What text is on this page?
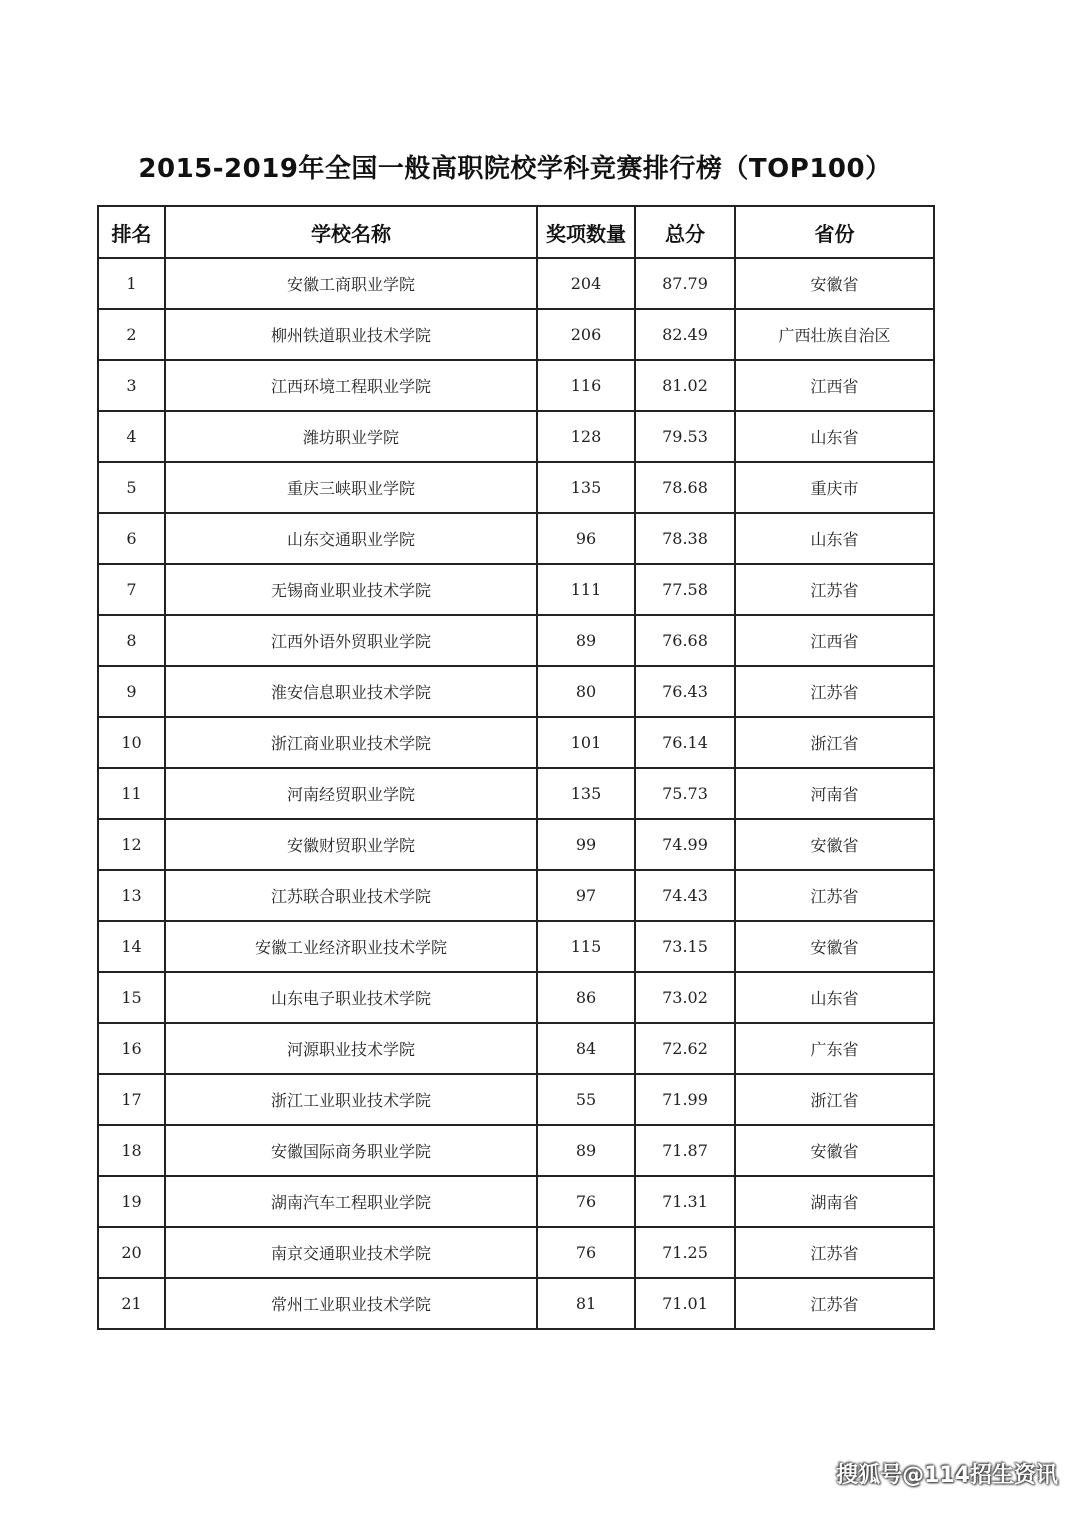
2015-2019年全国一般高职院校学科竞赛排行榜（TOP100）
排名	学校名称	奖项数量	总分	省份
1	安徽工商职业学院	204	87.79	安徽省
2	柳州铁道职业技术学院	206	82.49	广西壮族自治区
3	江西环境工程职业学院	116	81.02	江西省
4	潍坊职业学院	128	79.53	山东省
5	重庆三峡职业学院	135	78.68	重庆市
6	山东交通职业学院	96	78.38	山东省
7	无锡商业职业技术学院	111	77.58	江苏省
8	江西外语外贸职业学院	89	76.68	江西省
9	淮安信息职业技术学院	80	76.43	江苏省
10	浙江商业职业技术学院	101	76.14	浙江省
11	河南经贸职业学院	135	75.73	河南省
12	安徽财贸职业学院	99	74.99	安徽省
13	江苏联合职业技术学院	97	74.43	江苏省
14	安徽工业经济职业技术学院	115	73.15	安徽省
15	山东电子职业技术学院	86	73.02	山东省
16	河源职业技术学院	84	72.62	广东省
17	浙江工业职业技术学院	55	71.99	浙江省
18	安徽国际商务职业学院	89	71.87	安徽省
19	湖南汽车工程职业学院	76	71.31	湖南省
20	南京交通职业技术学院	76	71.25	江苏省
21	常州工业职业技术学院	81	71.01	江苏省
搜狐号@114招生资讯
